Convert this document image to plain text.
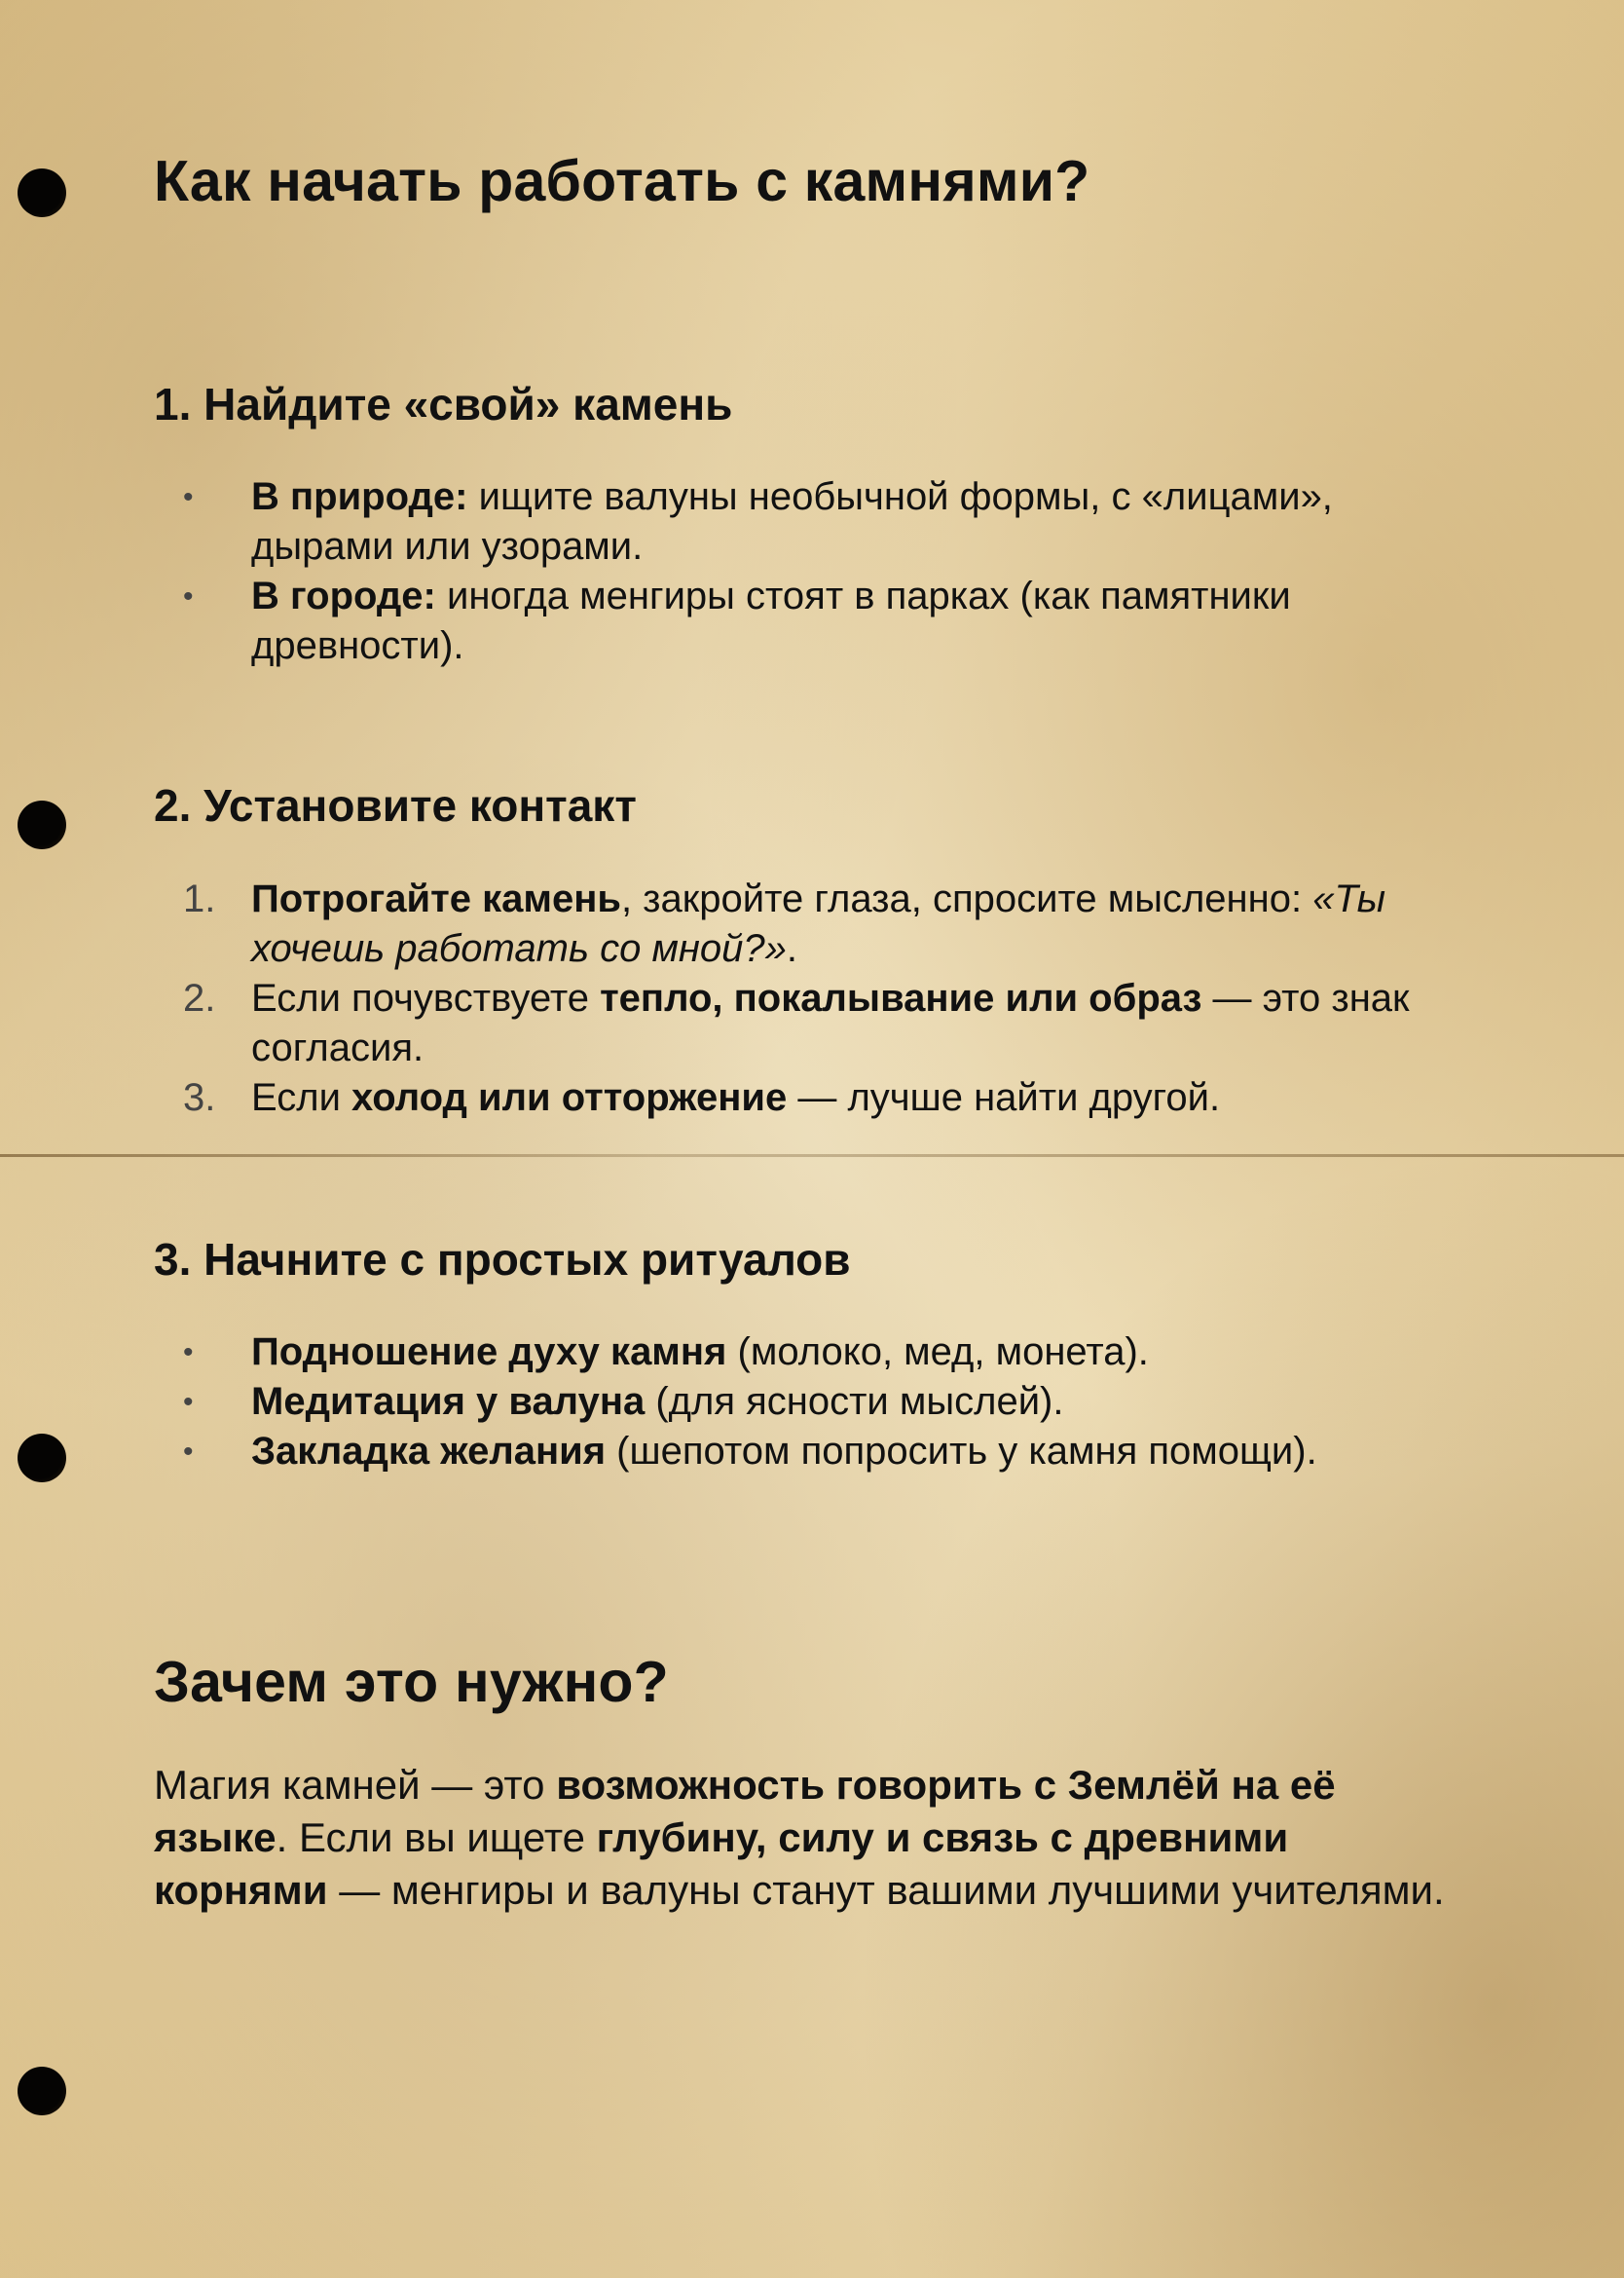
Как начать работать с камнями?
1. Найдите «свой» камень
• В природе: ищите валуны необычной формы, с «лицами», дырами или узорами.
• В городе: иногда менгиры стоят в парках (как памятники древности).
2. Установите контакт
1. Потрогайте камень, закройте глаза, спросите мысленно: «Ты хочешь работать со мной?».
2. Если почувствуете тепло, покалывание или образ — это знак согласия.
3. Если холод или отторжение — лучше найти другой.
3. Начните с простых ритуалов
• Подношение духу камня (молоко, мед, монета).
• Медитация у валуна (для ясности мыслей).
• Закладка желания (шепотом попросить у камня помощи).
Зачем это нужно?

Магия камней — это возможность говорить с Землёй на её языке. Если вы ищете глубину, силу и связь с древними корнями — менгиры и валуны станут вашими лучшими учителями.
